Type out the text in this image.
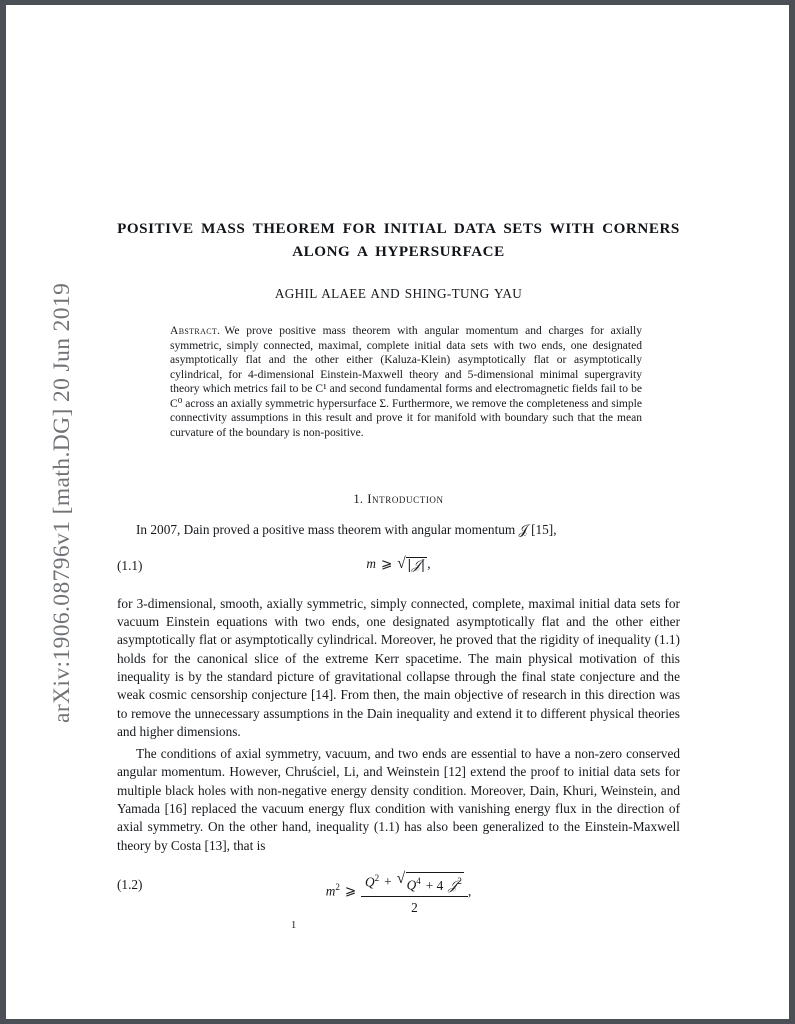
arXiv:1906.08796v1 [math.DG] 20 Jun 2019
POSITIVE MASS THEOREM FOR INITIAL DATA SETS WITH CORNERS ALONG A HYPERSURFACE
AGHIL ALAEE AND SHING-TUNG YAU
Abstract. We prove positive mass theorem with angular momentum and charges for axially symmetric, simply connected, maximal, complete initial data sets with two ends, one designated asymptotically flat and the other either (Kaluza-Klein) asymptotically flat or asymptotically cylindrical, for 4-dimensional Einstein-Maxwell theory and 5-dimensional minimal supergravity theory which metrics fail to be C¹ and second fundamental forms and electromagnetic fields fail to be C⁰ across an axially symmetric hypersurface Σ. Furthermore, we remove the completeness and simple connectivity assumptions in this result and prove it for manifold with boundary such that the mean curvature of the boundary is non-positive.
1. Introduction

In 2007, Dain proved a positive mass theorem with angular momentum 𝒥 [15],

(1.1)	m ⩾ √ |𝒥| ,

for 3-dimensional, smooth, axially symmetric, simply connected, complete, maximal initial data sets for vacuum Einstein equations with two ends, one designated asymptotically flat and the other either asymptotically flat or asymptotically cylindrical. Moreover, he proved that the rigidity of inequality (1.1) holds for the canonical slice of the extreme Kerr spacetime. The main physical motivation of this inequality is by the standard picture of gravitational collapse through the final state conjecture and the weak cosmic censorship conjecture [14]. From then, the main objective of research in this direction was to remove the unnecessary assumptions in the Dain inequality and extend it to different physical theories and higher dimensions.

The conditions of axial symmetry, vacuum, and two ends are essential to have a non-zero conserved angular momentum. However, Chruściel, Li, and Weinstein [12] extend the proof to initial data sets for multiple black holes with non-negative energy density condition. Moreover, Dain, Khuri, Weinstein, and Yamada [16] replaced the vacuum energy flux condition with vanishing energy flux in the direction of axial symmetry. On the other hand, inequality (1.1) has also been generalized to the Einstein-Maxwell theory by Costa [13], that is

(1.2)	$m^2$ ⩾ $\frac{Q^2 + √ Q^4 + 4 𝒥^2}{2}$ ,
1
